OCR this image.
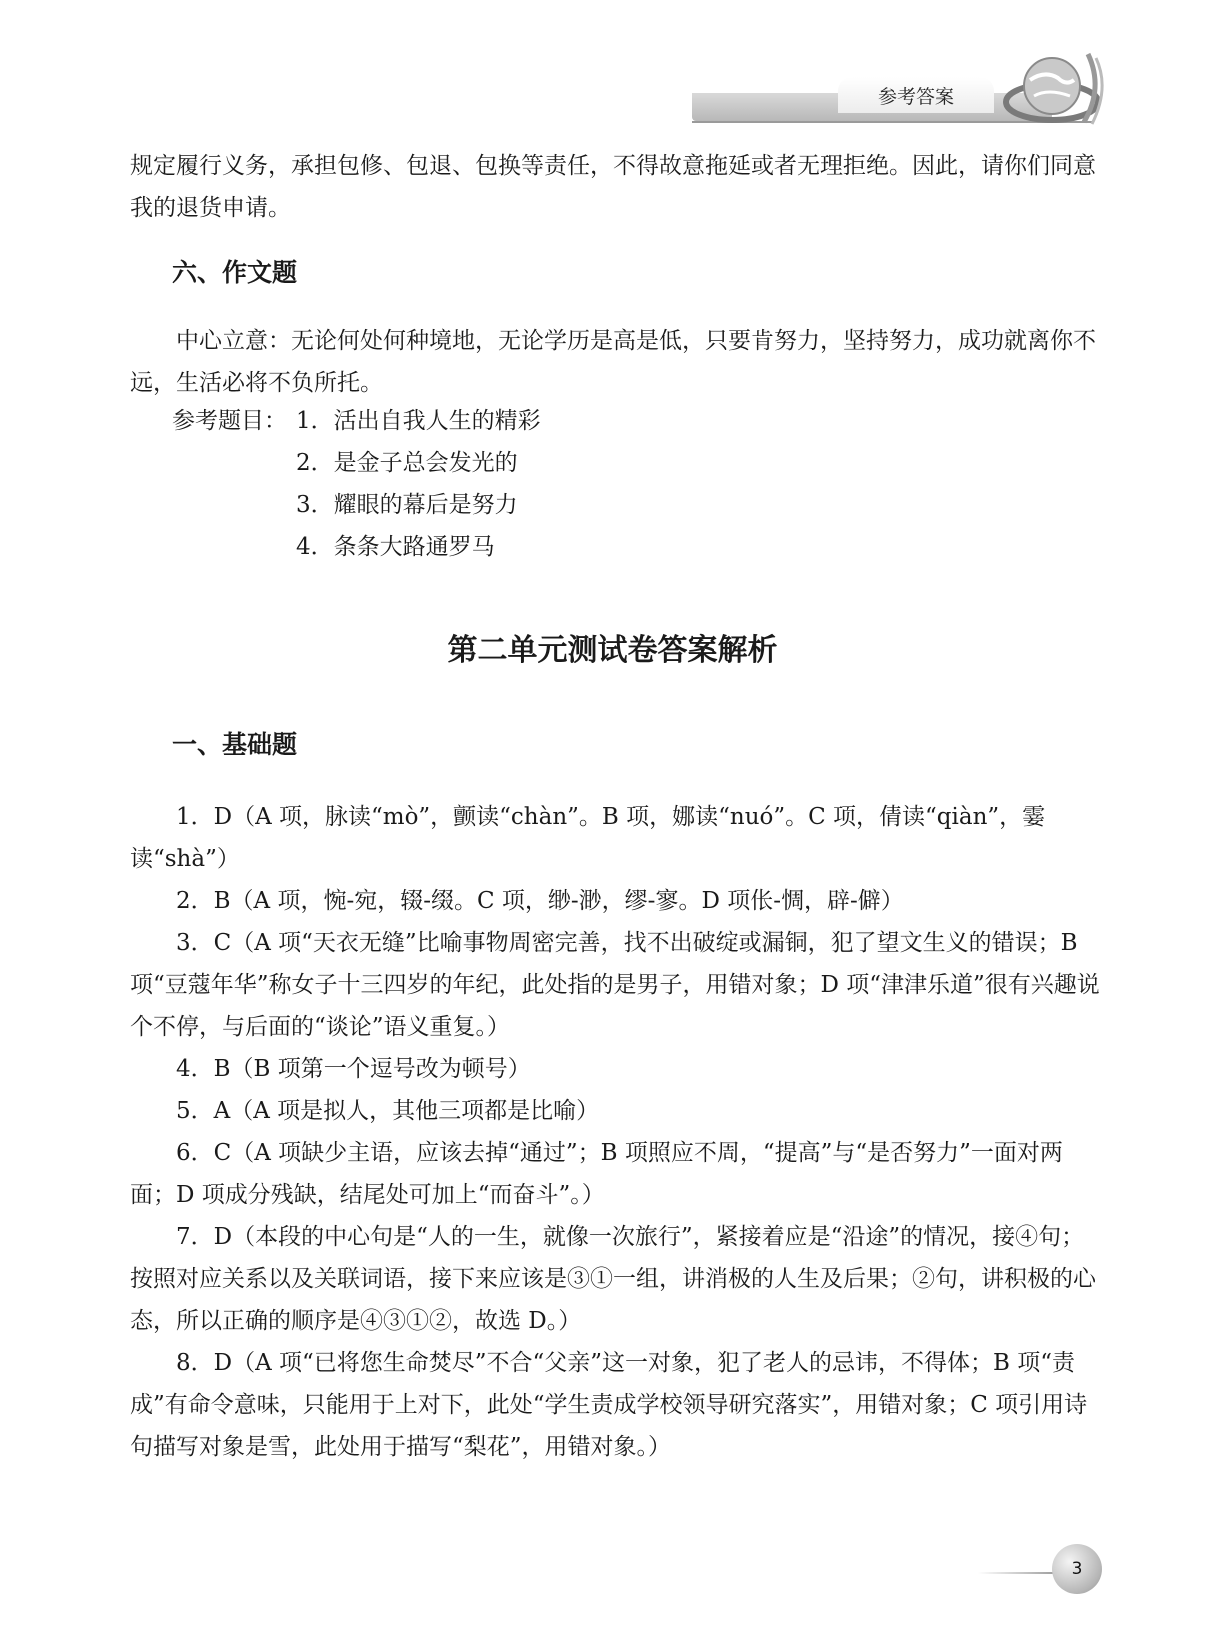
参考答案

规定履行义务，承担包修、包退、包换等责任，不得故意拖延或者无理拒绝。因此，请你们同意我的退货申请。

六、作文题

中心立意：无论何处何种境地，无论学历是高是低，只要肯努力，坚持努力，成功就离你不远，生活必将不负所托。

参考题目： 1．活出自我人生的精彩
2．是金子总会发光的
3．耀眼的幕后是努力
4．条条大路通罗马
第二单元测试卷答案解析
一、基础题

1．D（A 项，脉读“mò”，颤读“chàn”。B 项，娜读“nuó”。C 项，倩读“qiàn”，霎读“shà”）

2．B（A 项，惋-宛，辍-缀。C 项，缈-渺，缪-寥。D 项伥-惆，辟-僻）

3．C（A 项“天衣无缝”比喻事物周密完善，找不出破绽或漏铜，犯了望文生义的错误；B 项“豆蔻年华”称女子十三四岁的年纪，此处指的是男子，用错对象；D 项“津津乐道”很有兴趣说个不停，与后面的“谈论”语义重复。）

4．B（B 项第一个逗号改为顿号）

5．A（A 项是拟人，其他三项都是比喻）

6．C（A 项缺少主语，应该去掉“通过”；B 项照应不周，“提高”与“是否努力”一面对两面；D 项成分残缺，结尾处可加上“而奋斗”。）

7．D（本段的中心句是“人的一生，就像一次旅行”，紧接着应是“沿途”的情况，接④句；按照对应关系以及关联词语，接下来应该是③①一组，讲消极的人生及后果；②句，讲积极的心态，所以正确的顺序是④③①②，故选 D。）

8．D（A 项“已将您生命焚尽”不合“父亲”这一对象，犯了老人的忌讳，不得体；B 项“责成”有命令意味，只能用于上对下，此处“学生责成学校领导研究落实”，用错对象；C 项引用诗句描写对象是雪，此处用于描写“梨花”，用错对象。）

3
